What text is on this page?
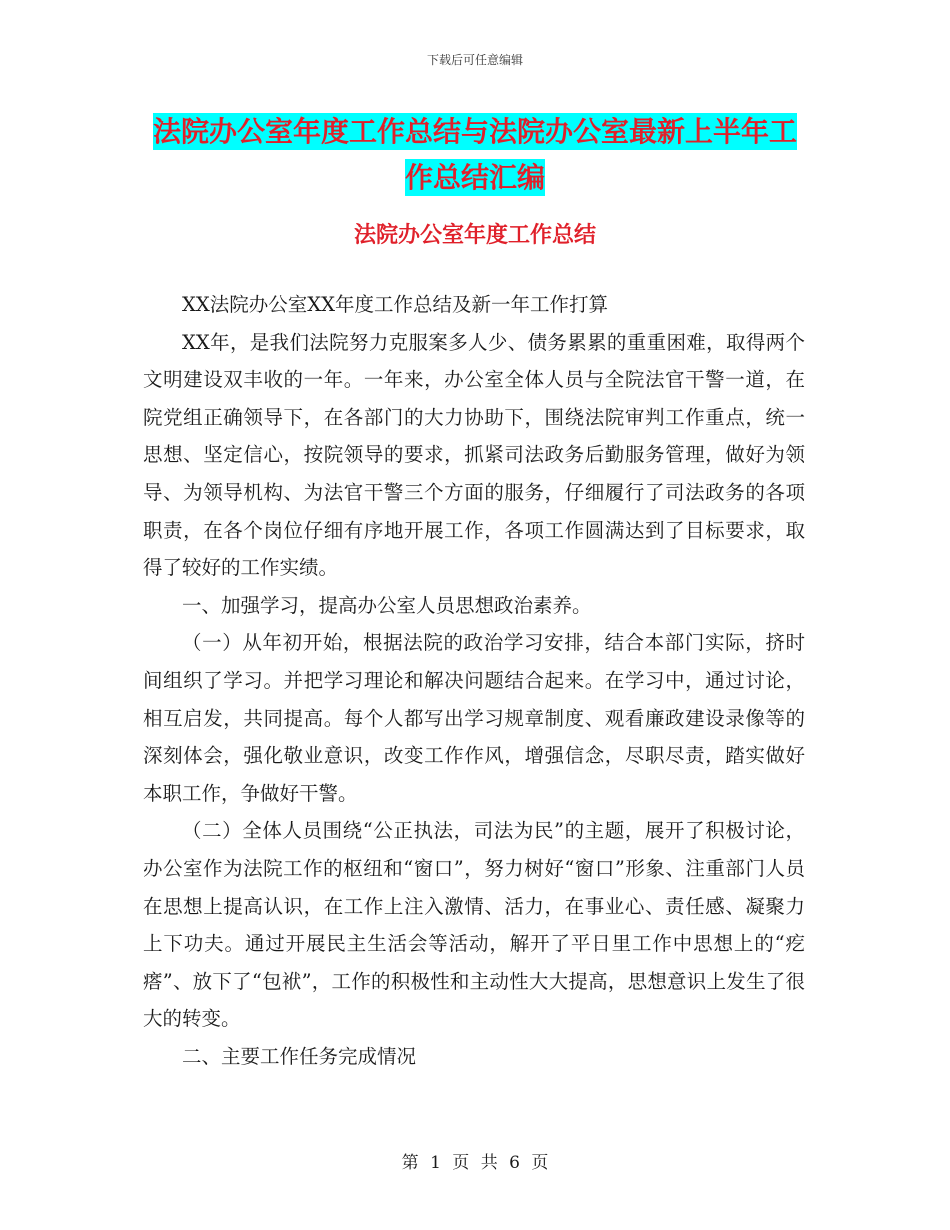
下载后可任意编辑
法院办公室年度工作总结与法院办公室最新上半年工
作总结汇编
法院办公室年度工作总结

XX法院办公室XX年度工作总结及新一年工作打算

XX年，是我们法院努力克服案多人少、债务累累的重重困难，取得两个文明建设双丰收的一年。一年来，办公室全体人员与全院法官干警一道，在院党组正确领导下，在各部门的大力协助下，围绕法院审判工作重点，统一思想、坚定信心，按院领导的要求，抓紧司法政务后勤服务管理，做好为领导、为领导机构、为法官干警三个方面的服务，仔细履行了司法政务的各项职责，在各个岗位仔细有序地开展工作，各项工作圆满达到了目标要求，取得了较好的工作实绩。

一、加强学习，提高办公室人员思想政治素养。

（一）从年初开始，根据法院的政治学习安排，结合本部门实际，挤时间组织了学习。并把学习理论和解决问题结合起来。在学习中，通过讨论，相互启发，共同提高。每个人都写出学习规章制度、观看廉政建设录像等的深刻体会，强化敬业意识，改变工作作风，增强信念，尽职尽责，踏实做好本职工作，争做好干警。

（二）全体人员围绕“公正执法，司法为民”的主题，展开了积极讨论，办公室作为法院工作的枢纽和“窗口”，努力树好“窗口”形象、注重部门人员在思想上提高认识，在工作上注入激情、活力，在事业心、责任感、凝聚力上下功夫。通过开展民主生活会等活动，解开了平日里工作中思想上的“疙瘩”、放下了“包袱”，工作的积极性和主动性大大提高，思想意识上发生了很大的转变。

二、主要工作任务完成情况

第 1 页 共 6 页
